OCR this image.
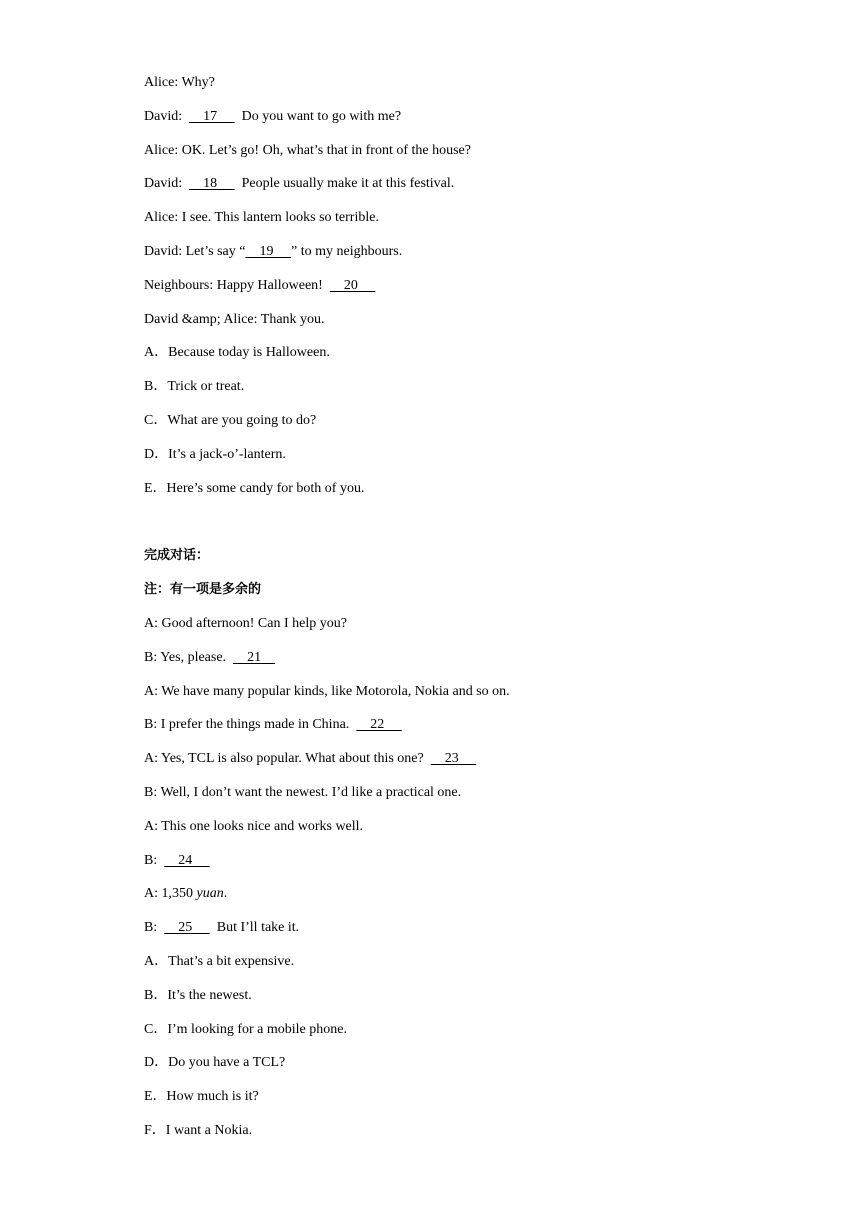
Alice: Why?
David:      17       Do you want to go with me?
Alice: OK. Let’s go! Oh, what’s that in front of the house?
David:      18       People usually make it at this festival.
Alice: I see. This lantern looks so terrible.
David: Let’s say “    19     ” to my neighbours.
Neighbours: Happy Halloween!      20
David &amp; Alice: Thank you.
A．Because today is Halloween.
B．Trick or treat.
C．What are you going to do?
D．It’s a jack-o’-lantern.
E．Here’s some candy for both of you.
完成对话：
注：有一项是多余的
A: Good afternoon! Can I help you?
B: Yes, please.      21
A: We have many popular kinds, like Motorola, Nokia and so on.
B: I prefer the things made in China.      22
A: Yes, TCL is also popular. What about this one?      23
B: Well, I don’t want the newest. I’d like a practical one.
A: This one looks nice and works well.
B:      24
A: 1,350 yuan.
B:      25       But I’ll take it.
A．That’s a bit expensive.
B．It’s the newest.
C．I’m looking for a mobile phone.
D．Do you have a TCL?
E．How much is it?
F．I want a Nokia.
